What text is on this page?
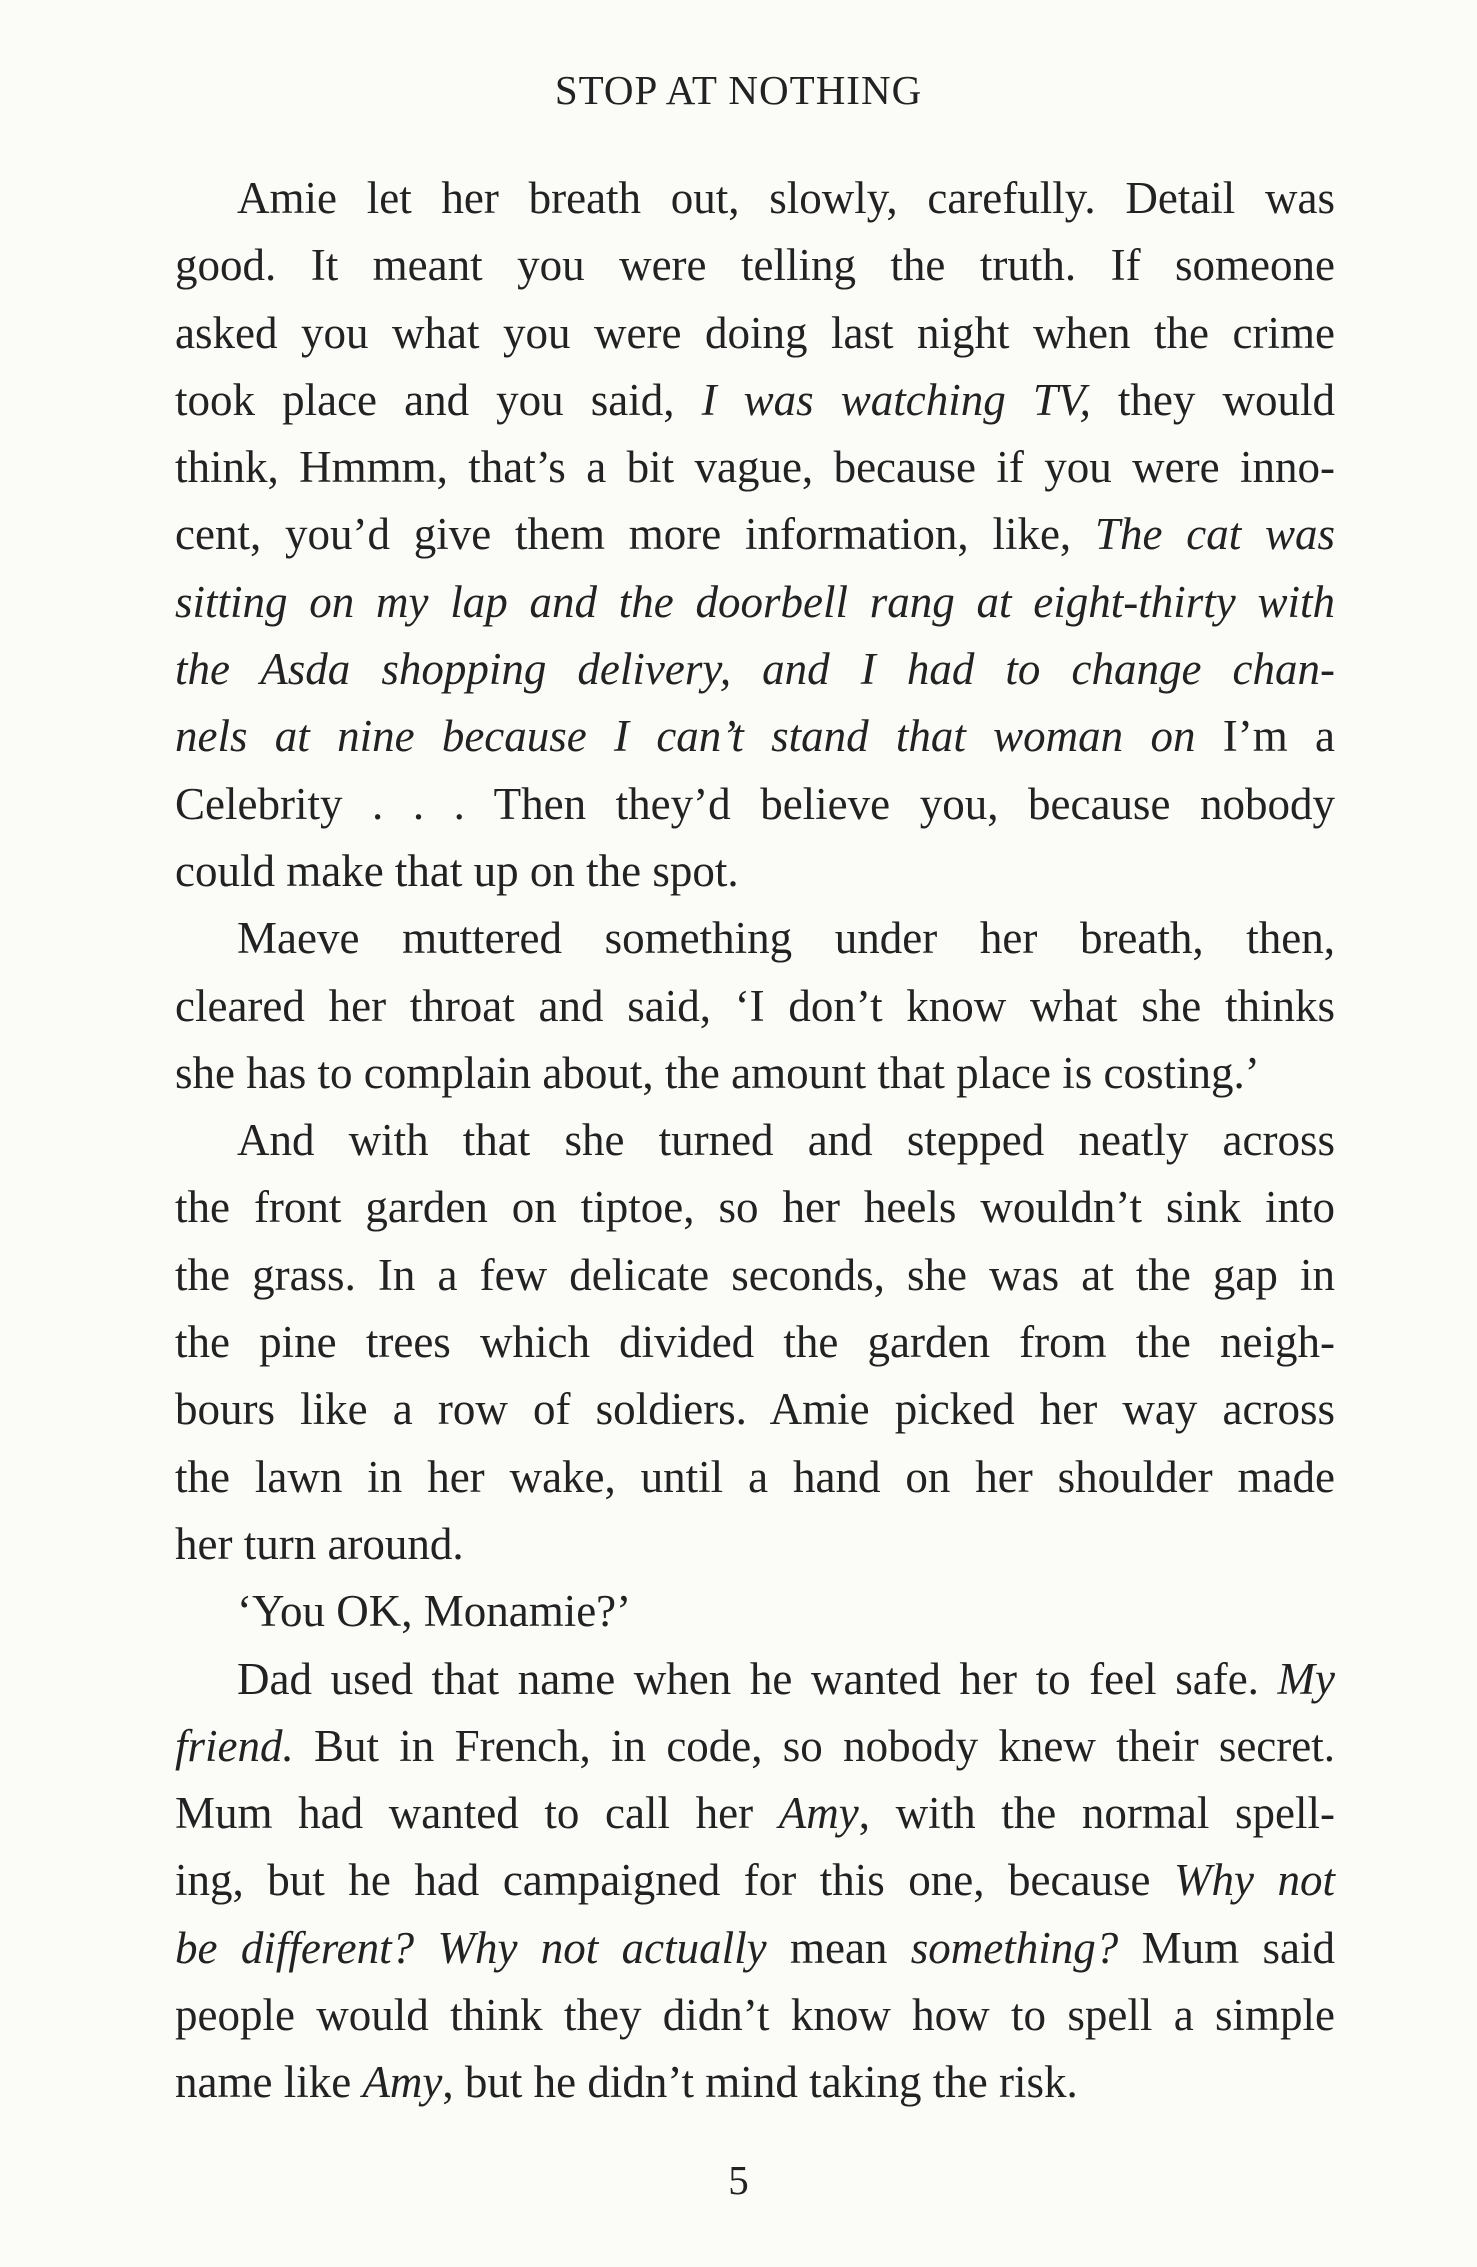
STOP AT NOTHING
Amie let her breath out, slowly, carefully. Detail was
good. It meant you were telling the truth. If someone
asked you what you were doing last night when the crime
took place and you said, I was watching TV, they would
think, Hmmm, that’s a bit vague, because if you were inno-
cent, you’d give them more information, like, The cat was
sitting on my lap and the doorbell rang at eight-thirty with
the Asda shopping delivery, and I had to change chan-
nels at nine because I can’t stand that woman on I’m a
Celebrity . . . Then they’d believe you, because nobody
could make that up on the spot.
Maeve muttered something under her breath, then,
cleared her throat and said, ‘I don’t know what she thinks
she has to complain about, the amount that place is costing.’
And with that she turned and stepped neatly across
the front garden on tiptoe, so her heels wouldn’t sink into
the grass. In a few delicate seconds, she was at the gap in
the pine trees which divided the garden from the neigh-
bours like a row of soldiers. Amie picked her way across
the lawn in her wake, until a hand on her shoulder made
her turn around.
‘You OK, Monamie?’
Dad used that name when he wanted her to feel safe. My
friend. But in French, in code, so nobody knew their secret.
Mum had wanted to call her Amy, with the normal spell-
ing, but he had campaigned for this one, because Why not
be different? Why not actually mean something? Mum said
people would think they didn’t know how to spell a simple
name like Amy, but he didn’t mind taking the risk.
5
